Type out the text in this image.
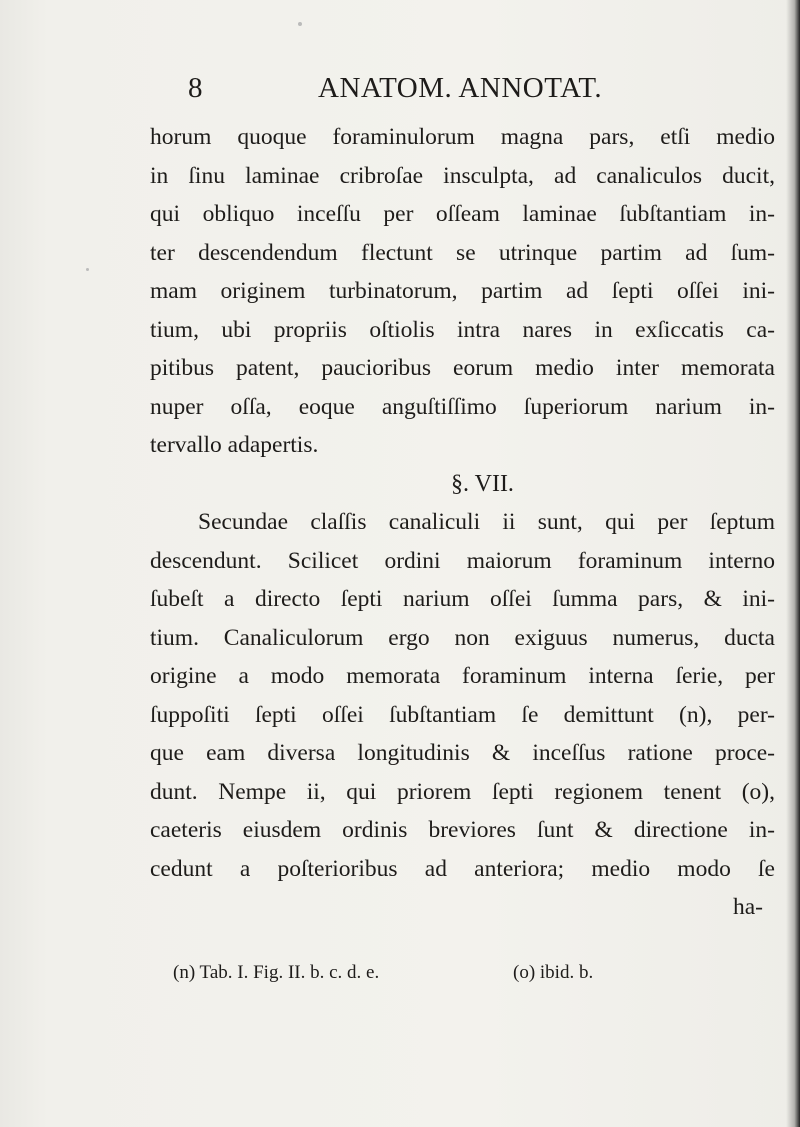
8	ANATOM. ANNOTAT.
horum quoque foraminulorum magna pars, etſi medio
in ſinu laminae cribroſae insculpta, ad canaliculos ducit,
qui obliquo inceſſu per oſſeam laminae ſubſtantiam in-
ter descendendum flectunt se utrinque partim ad ſum-
mam originem turbinatorum, partim ad ſepti oſſei ini-
tium, ubi propriis oſtiolis intra nares in exſiccatis ca-
pitibus patent, paucioribus eorum medio inter memorata
nuper oſſa, eoque anguſtiſſimo ſuperiorum narium in-
tervallo adapertis.
§. VII.
Secundae claſſis canaliculi ii sunt, qui per ſeptum
descendunt. Scilicet ordini maiorum foraminum interno
ſubeſt a directo ſepti narium oſſei ſumma pars, & ini-
tium. Canaliculorum ergo non exiguus numerus, ducta
origine a modo memorata foraminum interna ſerie, per
ſuppoſiti ſepti oſſei ſubſtantiam ſe demittunt (n), per-
que eam diversa longitudinis & inceſſus ratione proce-
dunt. Nempe ii, qui priorem ſepti regionem tenent (o),
caeteris eiusdem ordinis breviores ſunt & directione in-
cedunt a poſterioribus ad anteriora; medio modo ſe
ha-
(n) Tab. I. Fig. II. b. c. d. e.	(o) ibid. b.
